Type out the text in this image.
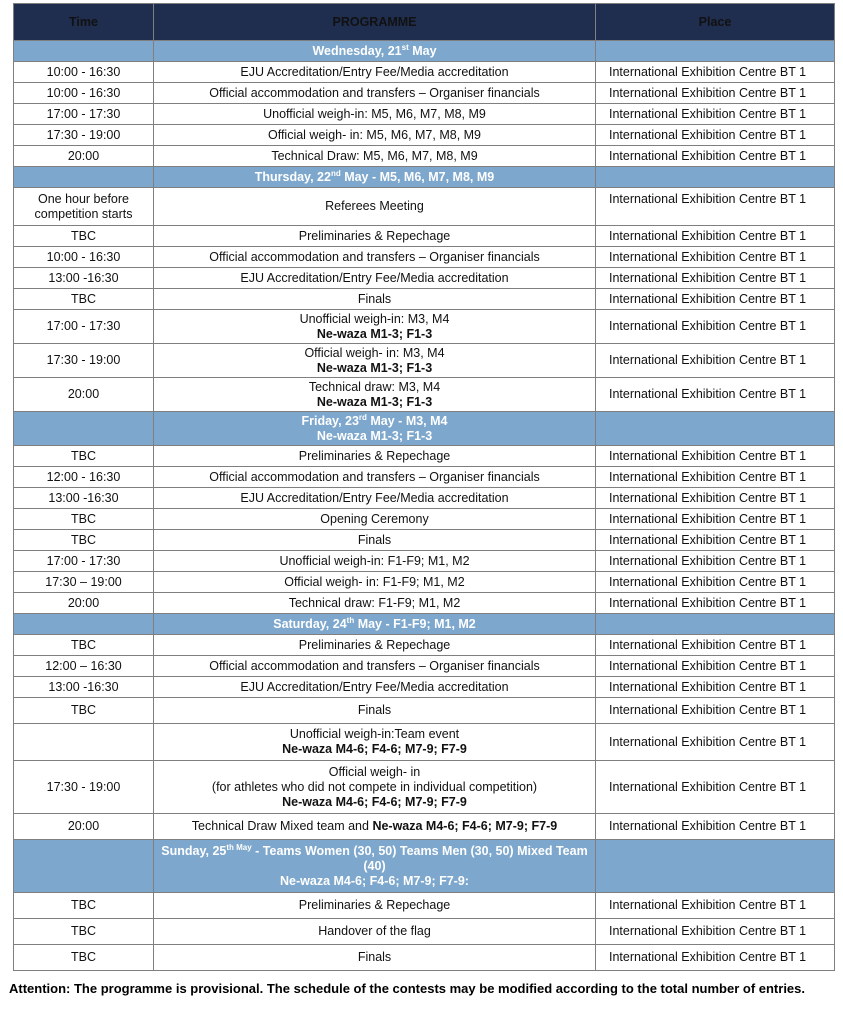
Time	PROGRAMME	Place
	Wednesday, 21st May	
10:00 - 16:30	EJU Accreditation/Entry Fee/Media accreditation	International Exhibition Centre BT 1
10:00 - 16:30	Official accommodation and transfers – Organiser financials	International Exhibition Centre BT 1
17:00 - 17:30	Unofficial weigh-in: M5, M6, M7, M8, M9	International Exhibition Centre BT 1
17:30 - 19:00	Official weigh- in: M5, M6, M7, M8, M9	International Exhibition Centre BT 1
20:00	Technical Draw: M5, M6, M7, M8, M9	International Exhibition Centre BT 1
	Thursday, 22nd May - M5, M6, M7, M8, M9	
One hour before competition starts	Referees Meeting	International Exhibition Centre BT 1
TBC	Preliminaries & Repechage	International Exhibition Centre BT 1
10:00 - 16:30	Official accommodation and transfers – Organiser financials	International Exhibition Centre BT 1
13:00 -16:30	EJU Accreditation/Entry Fee/Media accreditation	International Exhibition Centre BT 1
TBC	Finals	International Exhibition Centre BT 1
17:00 - 17:30	Unofficial weigh-in: M3, M4
Ne-waza M1-3; F1-3	International Exhibition Centre BT 1
17:30 - 19:00	Official weigh- in: M3, M4
Ne-waza M1-3; F1-3	International Exhibition Centre BT 1
20:00	Technical draw: M3, M4
Ne-waza M1-3; F1-3	International Exhibition Centre BT 1

	Friday, 23rd May - M3, M4
Ne-waza M1-3; F1-3	

TBC	Preliminaries & Repechage	International Exhibition Centre BT 1
12:00 - 16:30	Official accommodation and transfers – Organiser financials	International Exhibition Centre BT 1
13:00 -16:30	EJU Accreditation/Entry Fee/Media accreditation	International Exhibition Centre BT 1
TBC	Opening Ceremony	International Exhibition Centre BT 1
TBC	Finals	International Exhibition Centre BT 1
17:00 - 17:30	Unofficial weigh-in: F1-F9; M1, M2	International Exhibition Centre BT 1
17:30 – 19:00	Official weigh- in: F1-F9; M1, M2	International Exhibition Centre BT 1
20:00	Technical draw: F1-F9; M1, M2	International Exhibition Centre BT 1
	Saturday, 24th May - F1-F9; M1, M2	
TBC	Preliminaries & Repechage	International Exhibition Centre BT 1
12:00 – 16:30	Official accommodation and transfers – Organiser financials	International Exhibition Centre BT 1
13:00 -16:30	EJU Accreditation/Entry Fee/Media accreditation	International Exhibition Centre BT 1
TBC	Finals	International Exhibition Centre BT 1

	Unofficial weigh-in:Team event
Ne-waza M4-6; F4-6; M7-9; F7-9	International Exhibition Centre BT 1
17:30 - 19:00	Official weigh- in
(for athletes who did not compete in individual competition)
Ne-waza M4-6; F4-6; M7-9; F7-9	International Exhibition Centre BT 1
20:00	Technical Draw Mixed team and Ne-waza M4-6; F4-6; M7-9; F7-9	International Exhibition Centre BT 1

	Sunday, $25^{th May}$ - Teams Women (30, 50) Teams Men (30, 50) Mixed Team (40)
Ne-waza M4-6; F4-6; M7-9; F7-9:	

TBC	Preliminaries & Repechage	International Exhibition Centre BT 1
TBC	Handover of the flag	International Exhibition Centre BT 1
TBC	Finals	International Exhibition Centre BT 1
Attention: The programme is provisional. The schedule of the contests may be modified according to the total number of entries.
